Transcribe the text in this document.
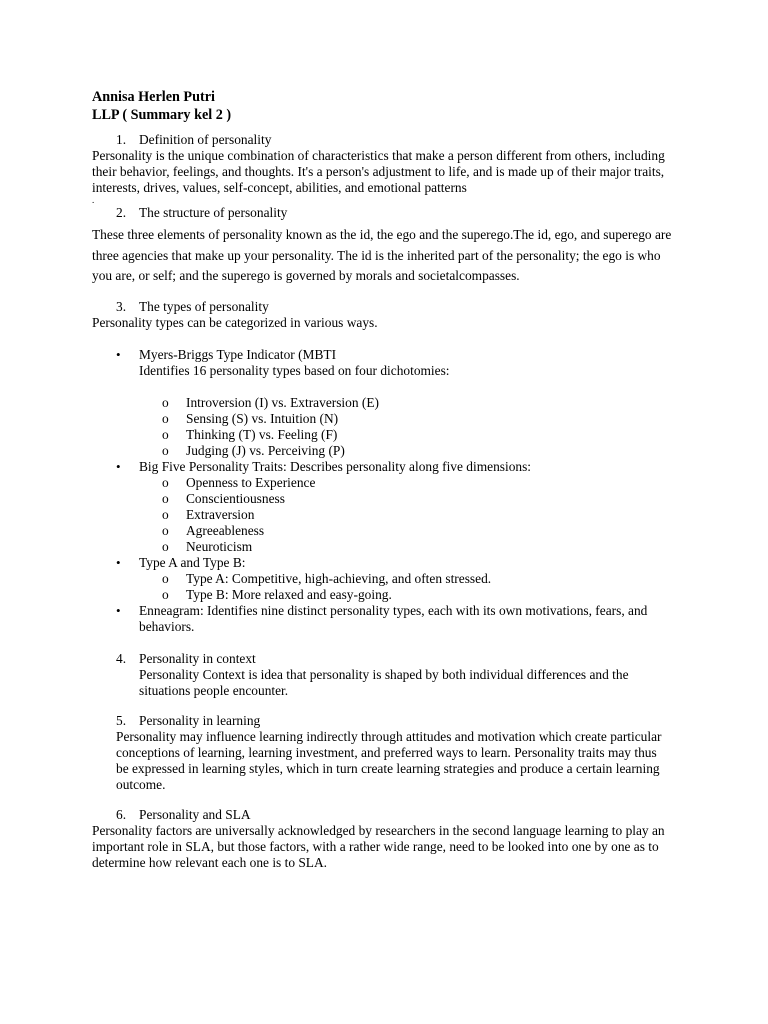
Annisa Herlen Putri
LLP ( Summary kel 2 )
1. Definition of personality

Personality is the unique combination of characteristics that make a person different from others, including their behavior, feelings, and thoughts. It's a person's adjustment to life, and is made up of their major traits, interests, drives, values, self-concept, abilities, and emotional patterns

.
2. The structure of personality

These three elements of personality known as the id, the ego and the superego.The id, ego, and superego are three agencies that make up your personality. The id is the inherited part of the personality; the ego is who you are, or self; and the superego is governed by morals and societalcompasses.

3. The types of personality

Personality types can be categorized in various ways.

• Myers-Briggs Type Indicator (MBTI
Identifies 16 personality types based on four dichotomies:
o Introversion (I) vs. Extraversion (E)
o Sensing (S) vs. Intuition (N)
o Thinking (T) vs. Feeling (F)
o Judging (J) vs. Perceiving (P)
• Big Five Personality Traits: Describes personality along five dimensions:
o Openness to Experience
o Conscientiousness
o Extraversion
o Agreeableness
o Neuroticism
• Type A and Type B:
o Type A: Competitive, high-achieving, and often stressed.
o Type B: More relaxed and easy-going.
• Enneagram: Identifies nine distinct personality types, each with its own motivations, fears, and behaviors.
4. Personality in context

Personality Context is idea that personality is shaped by both individual differences and the situations people encounter.

5. Personality in learning

Personality may influence learning indirectly through attitudes and motivation which create particular conceptions of learning, learning investment, and preferred ways to learn. Personality traits may thus be expressed in learning styles, which in turn create learning strategies and produce a certain learning outcome.

6. Personality and SLA

Personality factors are universally acknowledged by researchers in the second language learning to play an important role in SLA, but those factors, with a rather wide range, need to be looked into one by one as to determine how relevant each one is to SLA.
